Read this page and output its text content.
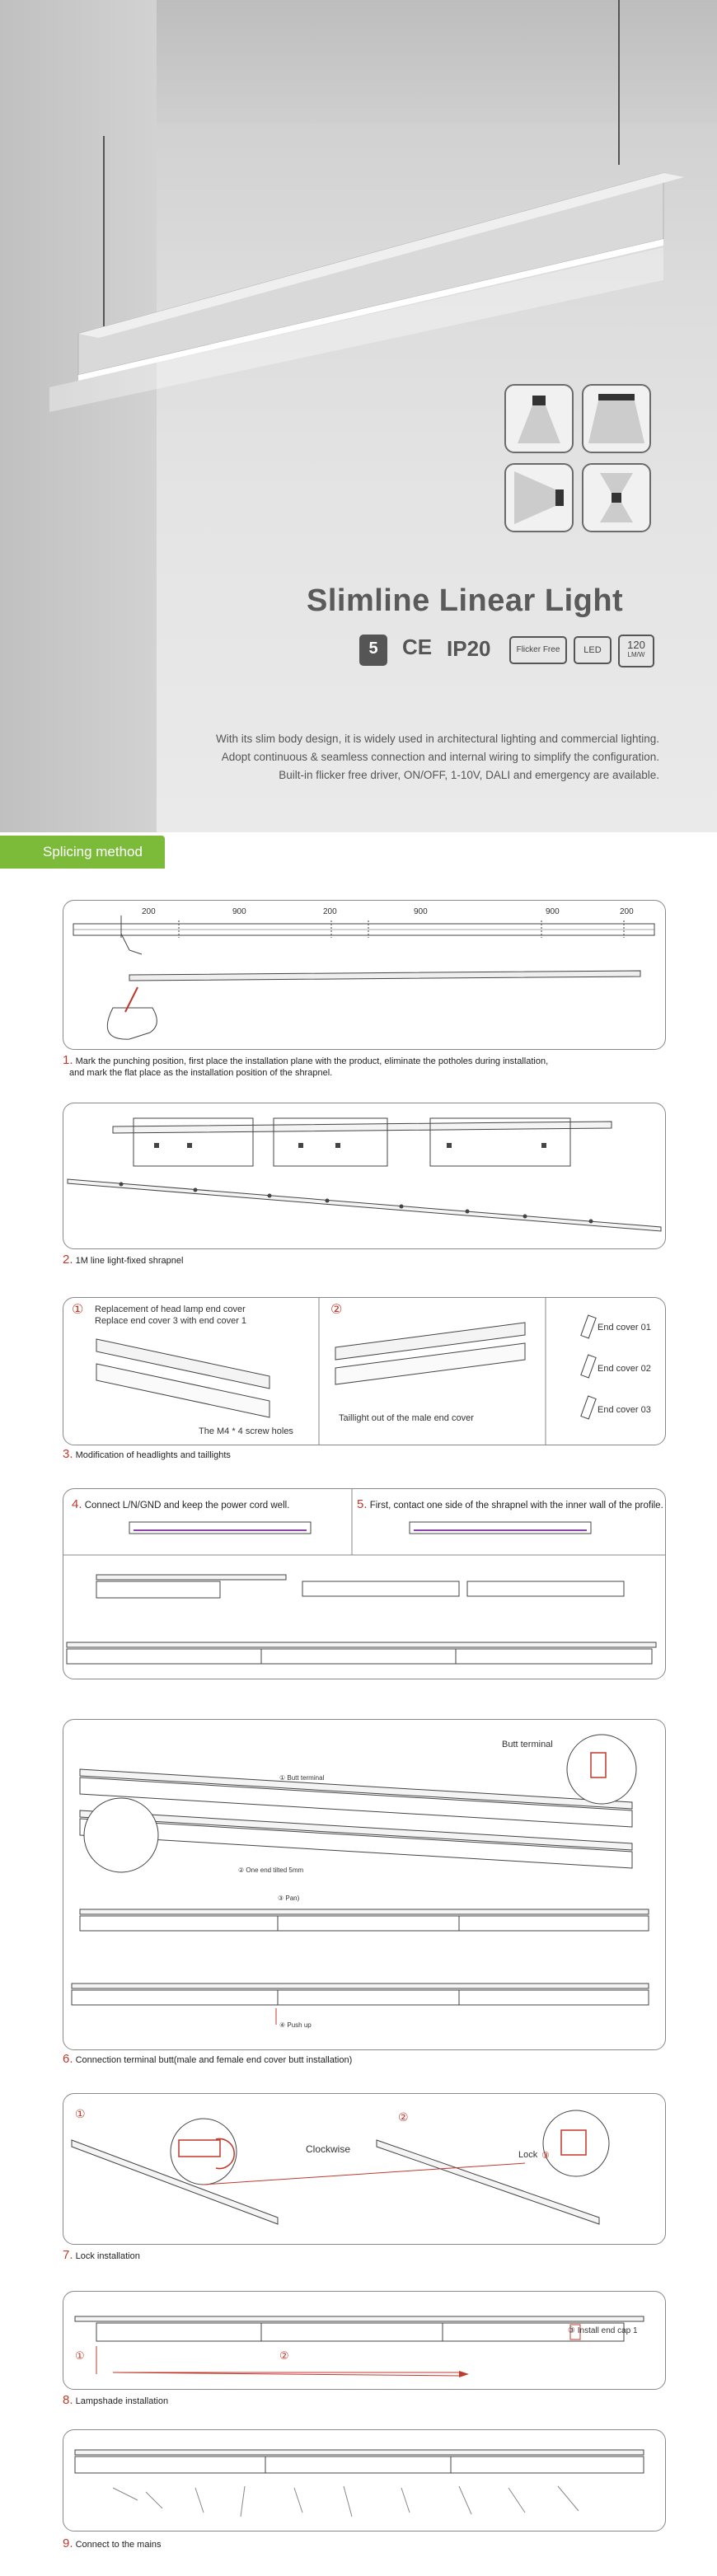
Slimline Linear Light
5	CE IP20	Flicker Free	LED	120
LM/W
With its slim body design, it is widely used in architectural lighting and commercial lighting.
Adopt continuous & seamless connection and internal wiring to simplify the configuration.
Built-in flicker free driver, ON/OFF, 1-10V, DALI and emergency are available.
Splicing method
200	900	200	900	900	200
1. Mark the punching position, first place the installation plane with the product, eliminate the potholes during installation,
and mark the flat place as the installation position of the shrapnel.
2. 1M line light-fixed shrapnel
① Replacement of head lamp end cover
Replace end cover 3 with end cover 1
The M4 * 4 screw holes
②
Taillight out of the male end cover
End cover 01
End cover 02
End cover 03
3. Modification of headlights and taillights
4. Connect L/N/GND and keep the power cord well.	5. First, contact one side of the shrapnel with the inner wall of the profile.
Butt terminal
① Butt terminal
② One end tilted 5mm
③ Pan)
④ Push up
6. Connection terminal butt(male and female end cover butt installation)
①	②
Clockwise	Lock ③
7. Lock installation
①	②
③ Install end cap 1
8. Lampshade installation
9. Connect to the mains
